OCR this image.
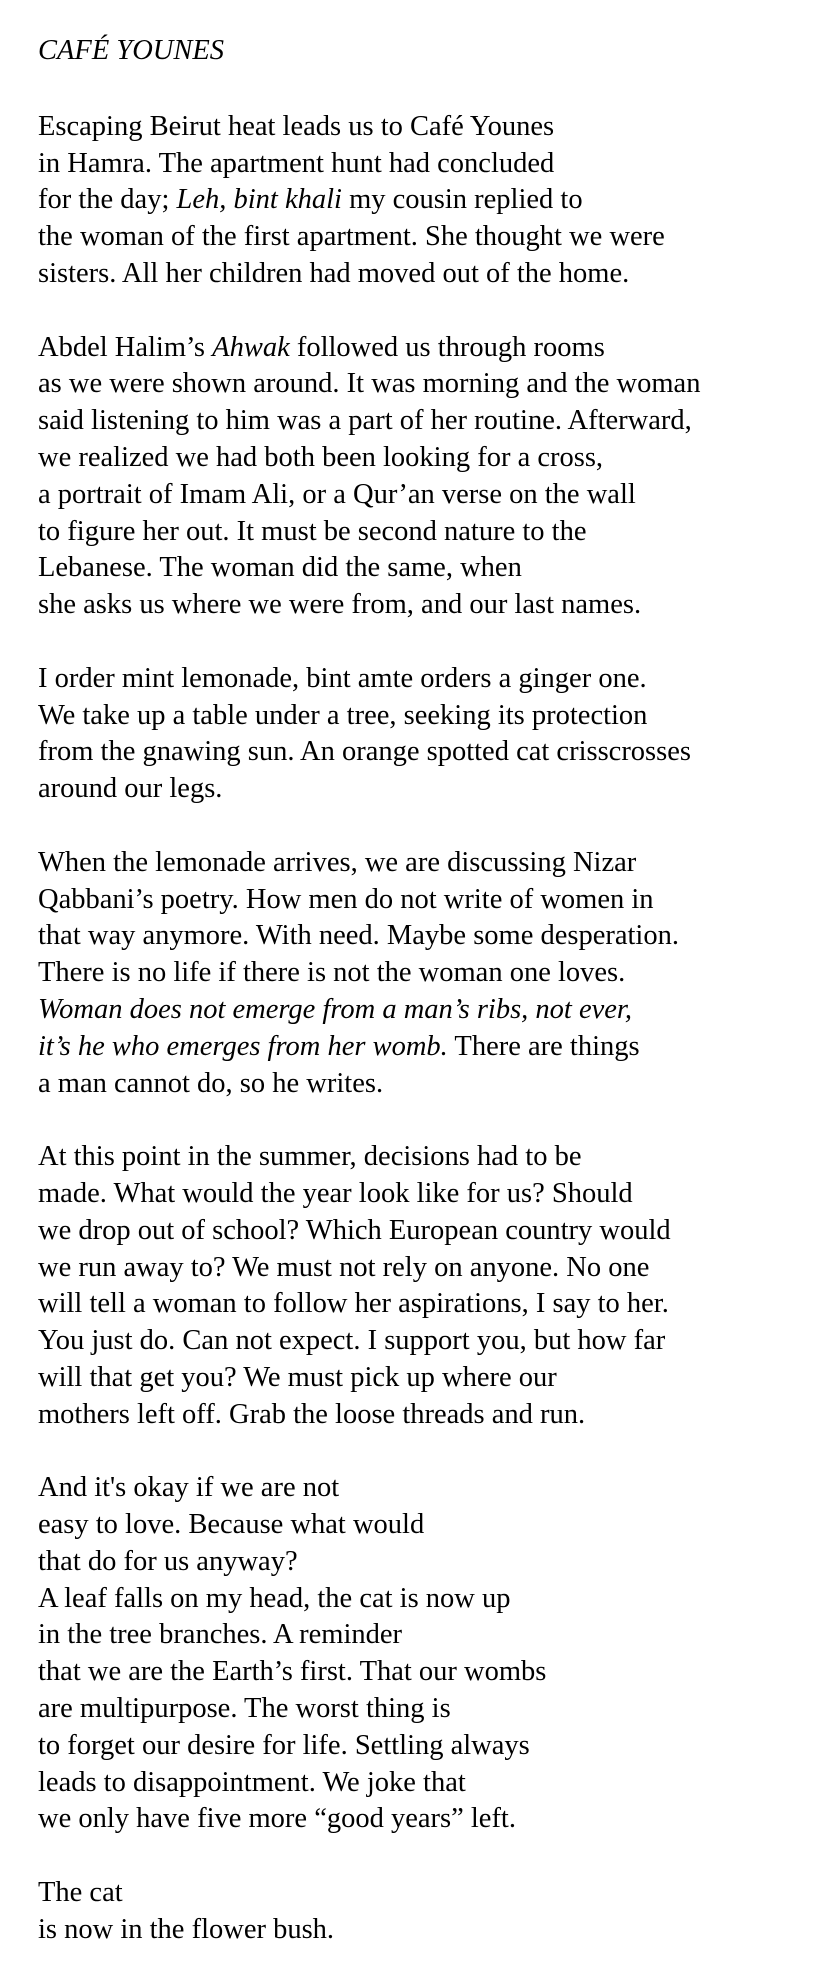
CAFÉ YOUNES
Escaping Beirut heat leads us to Café Younes
in Hamra. The apartment hunt had concluded
for the day; Leh, bint khali my cousin replied to
the woman of the first apartment. She thought we were
sisters. All her children had moved out of the home.
Abdel Halim’s Ahwak followed us through rooms
as we were shown around. It was morning and the woman
said listening to him was a part of her routine. Afterward,
we realized we had both been looking for a cross,
a portrait of Imam Ali, or a Qur’an verse on the wall
to figure her out. It must be second nature to the
Lebanese. The woman did the same, when
she asks us where we were from, and our last names.
I order mint lemonade, bint amte orders a ginger one.
We take up a table under a tree, seeking its protection
from the gnawing sun. An orange spotted cat crisscrosses
around our legs.
When the lemonade arrives, we are discussing Nizar
Qabbani’s poetry. How men do not write of women in
that way anymore. With need. Maybe some desperation.
There is no life if there is not the woman one loves.
Woman does not emerge from a man’s ribs, not ever,
it’s he who emerges from her womb. There are things
a man cannot do, so he writes.
At this point in the summer, decisions had to be
made. What would the year look like for us? Should
we drop out of school? Which European country would
we run away to? We must not rely on anyone. No one
will tell a woman to follow her aspirations, I say to her.
You just do. Can not expect. I support you, but how far
will that get you? We must pick up where our
mothers left off. Grab the loose threads and run.
And it's okay if we are not
easy to love. Because what would
that do for us anyway?
A leaf falls on my head, the cat is now up
in the tree branches. A reminder
that we are the Earth’s first. That our wombs
are multipurpose. The worst thing is
to forget our desire for life. Settling always
leads to disappointment. We joke that
we only have five more “good years” left.
The cat
is now in the flower bush.
